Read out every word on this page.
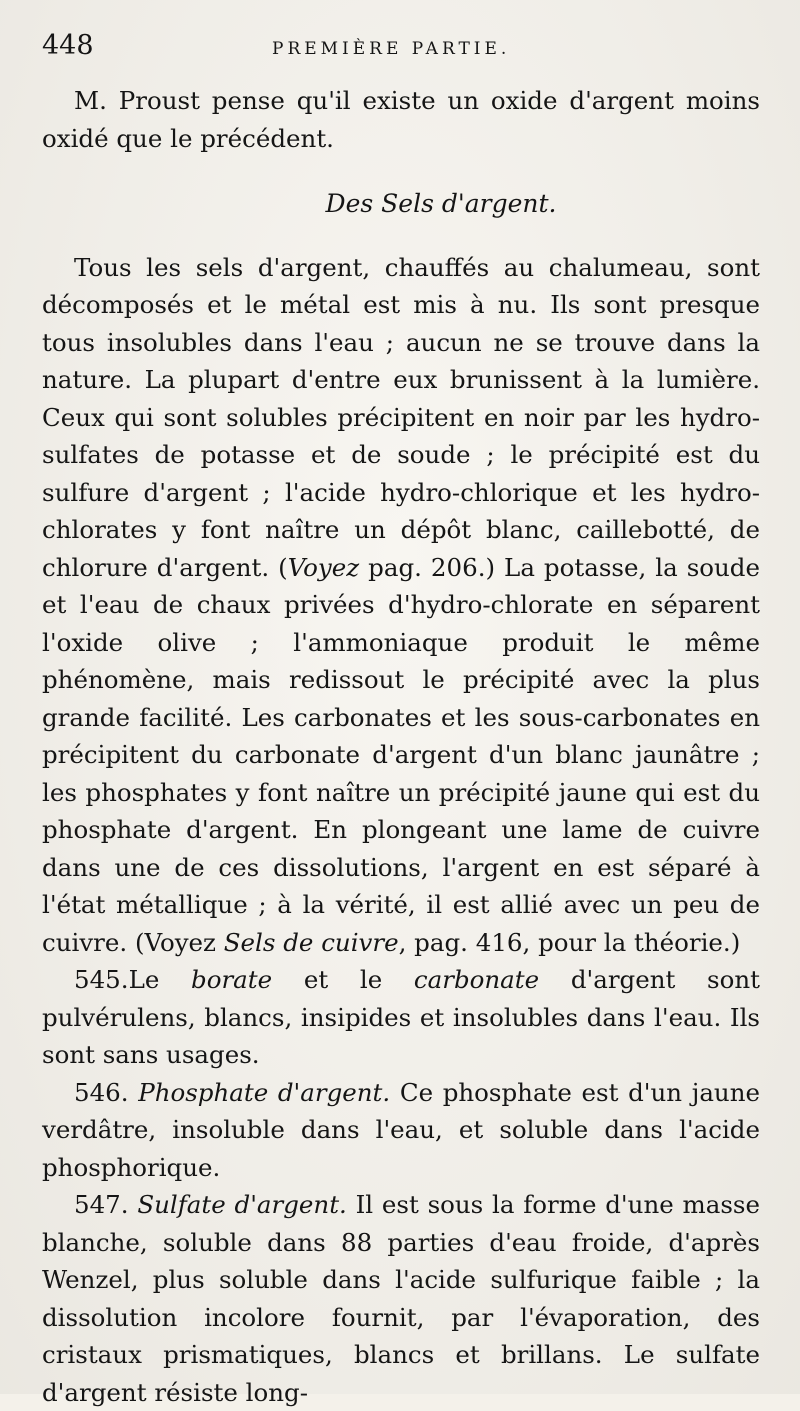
448	PREMIÈRE PARTIE.

M. Proust pense qu'il existe un oxide d'argent moins oxidé que le précédent.

Des Sels d'argent.

Tous les sels d'argent, chauffés au chalumeau, sont décomposés et le métal est mis à nu. Ils sont presque tous insolubles dans l'eau ; aucun ne se trouve dans la nature. La plupart d'entre eux brunissent à la lumière. Ceux qui sont solubles précipitent en noir par les hydro-sulfates de potasse et de soude ; le précipité est du sulfure d'argent ; l'acide hydro-chlorique et les hydro-chlorates y font naître un dépôt blanc, caillebotté, de chlorure d'argent. (Voyez pag. 206.) La potasse, la soude et l'eau de chaux privées d'hydro-chlorate en séparent l'oxide olive ; l'ammoniaque produit le même phénomène, mais redissout le précipité avec la plus grande facilité. Les carbonates et les sous-carbonates en précipitent du carbonate d'argent d'un blanc jaunâtre ; les phosphates y font naître un précipité jaune qui est du phosphate d'argent. En plongeant une lame de cuivre dans une de ces dissolutions, l'argent en est séparé à l'état métallique ; à la vérité, il est allié avec un peu de cuivre. (Voyez Sels de cuivre, pag. 416, pour la théorie.)

545.Le borate et le carbonate d'argent sont pulvérulens, blancs, insipides et insolubles dans l'eau. Ils sont sans usages.

546. Phosphate d'argent. Ce phosphate est d'un jaune verdâtre, insoluble dans l'eau, et soluble dans l'acide phosphorique.

547. Sulfate d'argent. Il est sous la forme d'une masse blanche, soluble dans 88 parties d'eau froide, d'après Wenzel, plus soluble dans l'acide sulfurique faible ; la dissolution incolore fournit, par l'évaporation, des cristaux prismatiques, blancs et brillans. Le sulfate d'argent résiste long-
